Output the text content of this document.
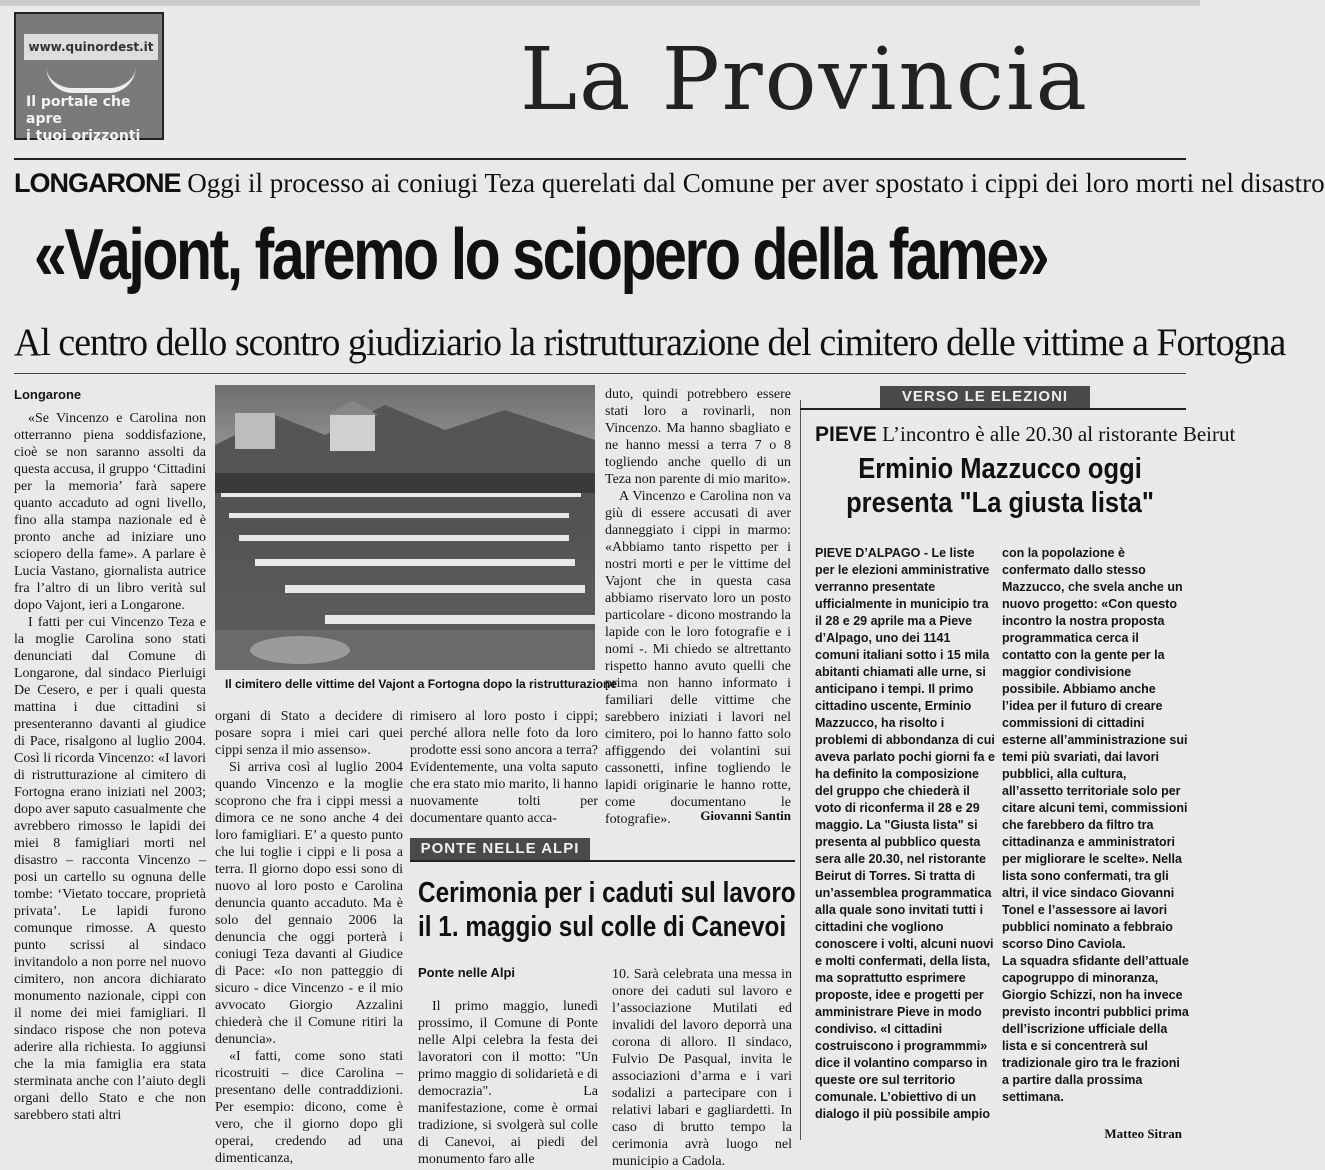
www.quinordest.it
Il portale che apre
i tuoi orizzonti
La Provincia
LONGARONE Oggi il processo ai coniugi Teza querelati dal Comune per aver spostato i cippi dei loro morti nel disastro
«Vajont, faremo lo sciopero della fame»
Al centro dello scontro giudiziario la ristrutturazione del cimitero delle vittime a Fortogna
Longarone

«Se Vincenzo e Carolina non otterranno piena soddisfazione, cioè se non saranno assolti da questa accusa, il gruppo ‘Cittadini per la memoria’ farà sapere quanto accaduto ad ogni livello, fino alla stampa nazionale ed è pronto anche ad iniziare uno sciopero della fame». A parlare è Lucia Vastano, giornalista autrice fra l’altro di un libro verità sul dopo Vajont, ieri a Longarone.

I fatti per cui Vincenzo Teza e la moglie Carolina sono stati denunciati dal Comune di Longarone, dal sindaco Pierluigi De Cesero, e per i quali questa mattina i due cittadini si presenteranno davanti al giudice di Pace, risalgono al luglio 2004. Così li ricorda Vincenzo: «I lavori di ristrutturazione al cimitero di Fortogna erano iniziati nel 2003; dopo aver saputo casualmente che avrebbero rimosso le lapidi dei miei 8 famigliari morti nel disastro – racconta Vincenzo – posi un cartello su ognuna delle tombe: ‘Vietato toccare, proprietà privata’. Le lapidi furono comunque rimosse. A questo punto scrissi al sindaco invitandolo a non porre nel nuovo cimitero, non ancora dichiarato monumento nazionale, cippi con il nome dei miei famigliari. Il sindaco rispose che non poteva aderire alla richiesta. Io aggiunsi che la mia famiglia era stata sterminata anche con l’aiuto degli organi dello Stato e che non sarebbero stati altri

Il cimitero delle vittime del Vajont a Fortogna dopo la ristrutturazione

organi di Stato a decidere di posare sopra i miei cari quei cippi senza il mio assenso».

Si arriva così al luglio 2004 quando Vincenzo e la moglie scoprono che fra i cippi messi a dimora ce ne sono anche 4 dei loro famigliari. E’ a questo punto che lui toglie i cippi e li posa a terra. Il giorno dopo essi sono di nuovo al loro posto e Carolina denuncia quanto accaduto. Ma è solo del gennaio 2006 la denuncia che oggi porterà i coniugi Teza davanti al Giudice di Pace: «Io non patteggio di sicuro - dice Vincenzo - e il mio avvocato Giorgio Azzalini chiederà che il Comune ritiri la denuncia».

«I fatti, come sono stati ricostruiti – dice Carolina – presentano delle contraddizioni. Per esempio: dicono, come è vero, che il giorno dopo gli operai, credendo ad una dimenticanza,

rimisero al loro posto i cippi; perché allora nelle foto da loro prodotte essi sono ancora a terra? Evidentemente, una volta saputo che era stato mio marito, li hanno nuovamente tolti per documentare quanto acca-

duto, quindi potrebbero essere stati loro a rovinarli, non Vincenzo. Ma hanno sbagliato e ne hanno messi a terra 7 o 8 togliendo anche quello di un Teza non parente di mio marito».

A Vincenzo e Carolina non va giù di essere accusati di aver danneggiato i cippi in marmo: «Abbiamo tanto rispetto per i nostri morti e per le vittime del Vajont che in questa casa abbiamo riservato loro un posto particolare - dicono mostrando la lapide con le loro fotografie e i nomi -. Mi chiedo se altrettanto rispetto hanno avuto quelli che prima non hanno informato i familiari delle vittime che sarebbero iniziati i lavori nel cimitero, poi lo hanno fatto solo affiggendo dei volantini sui cassonetti, infine togliendo le lapidi originarie le hanno rotte, come documentano le fotografie».	Giovanni Santin
PONTE NELLE ALPI
Cerimonia per i caduti sul lavoro
il 1. maggio sul colle di Canevoi
Ponte nelle Alpi

Il primo maggio, lunedì prossimo, il Comune di Ponte nelle Alpi celebra la festa dei lavoratori con il motto: "Un primo maggio di solidarietà e di democrazia". La manifestazione, come è ormai tradizione, si svolgerà sul colle di Canevoi, ai piedi del monumento faro alle

10. Sarà celebrata una messa in onore dei caduti sul lavoro e l’associazione Mutilati ed invalidi del lavoro deporrà una corona di alloro. Il sindaco, Fulvio De Pasqual, invita le associazioni d’arma e i vari sodalizi a partecipare con i relativi labari e gagliardetti. In caso di brutto tempo la cerimonia avrà luogo nel municipio a Cadola.

VERSO LE ELEZIONI
PIEVE L’incontro è alle 20.30 al ristorante Beirut
Erminio Mazzucco oggi
presenta "La giusta lista"

PIEVE D’ALPAGO - Le liste per le elezioni amministrative verranno presentate ufficialmente in municipio tra il 28 e 29 aprile ma a Pieve d’Alpago, uno dei 1141 comuni italiani sotto i 15 mila abitanti chiamati alle urne, si anticipano i tempi. Il primo cittadino uscente, Erminio Mazzucco, ha risolto i problemi di abbondanza di cui aveva parlato pochi giorni fa e ha definito la composizione del gruppo che chiederà il voto di riconferma il 28 e 29 maggio. La "Giusta lista" si presenta al pubblico questa sera alle 20.30, nel ristorante Beirut di Torres. Si tratta di un’assemblea programmatica alla quale sono invitati tutti i cittadini che vogliono conoscere i volti, alcuni nuovi e molti confermati, della lista, ma soprattutto esprimere proposte, idee e progetti per amministrare Pieve in modo condiviso. «I cittadini costruiscono i programmmi» dice il volantino comparso in queste ore sul territorio comunale. L’obiettivo di un dialogo il più possibile ampio

con la popolazione è confermato dallo stesso Mazzucco, che svela anche un nuovo progetto: «Con questo incontro la nostra proposta programmatica cerca il contatto con la gente per la maggior condivisione possibile. Abbiamo anche l’idea per il futuro di creare commissioni di cittadini esterne all’amministrazione sui temi più svariati, dai lavori pubblici, alla cultura, all’assetto territoriale solo per citare alcuni temi, commissioni che farebbero da filtro tra cittadinanza e amministratori per migliorare le scelte». Nella lista sono confermati, tra gli altri, il vice sindaco Giovanni Tonel e l’assessore ai lavori pubblici nominato a febbraio scorso Dino Caviola.

La squadra sfidante dell’attuale capogruppo di minoranza, Giorgio Schizzi, non ha invece previsto incontri pubblici prima dell’iscrizione ufficiale della lista e si concentrerà sul tradizionale giro tra le frazioni a partire dalla prossima settimana.

Matteo Sitran
